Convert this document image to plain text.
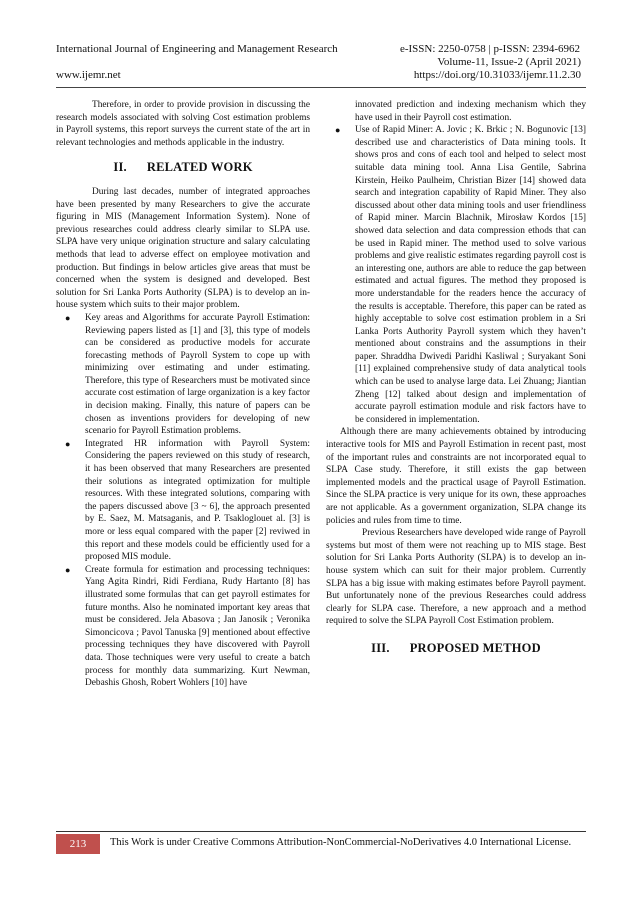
International Journal of Engineering and Management Research	e-ISSN: 2250-0758 | p-ISSN: 2394-6962
Volume-11, Issue-2 (April 2021)
www.ijemr.net	https://doi.org/10.31033/ijemr.11.2.30

Therefore, in order to provide provision in discussing the research models associated with solving Cost estimation problems in Payroll systems, this report surveys the current state of the art in relevant technologies and methods applicable in the industry.

II. RELATED WORK

During last decades, number of integrated approaches have been presented by many Researchers to give the accurate figuring in MIS (Management Information System). None of previous researches could address clearly similar to SLPA use. SLPA have very unique origination structure and salary calculating methods that lead to adverse effect on employee motivation and production. But findings in below articles give areas that must be concerned when the system is designed and developed. Best solution for Sri Lanka Ports Authority (SLPA) is to develop an in-house system which suits to their major problem.

● Key areas and Algorithms for accurate Payroll Estimation: Reviewing papers listed as [1] and [3], this type of models can be considered as productive models for accurate forecasting methods of Payroll System to cope up with minimizing over estimating and under estimating. Therefore, this type of Researchers must be motivated since accurate cost estimation of large organization is a key factor in decision making. Finally, this nature of papers can be chosen as inventions providers for developing of new scenario for Payroll Estimation problems.
● Integrated HR information with Payroll System: Considering the papers reviewed on this study of research, it has been observed that many Researchers are presented their solutions as integrated optimization for multiple resources. With these integrated solutions, comparing with the papers discussed above [3 ~ 6], the approach presented by E. Saez, M. Matsaganis, and P. Tsakloglouet al. [3] is more or less equal compared with the paper [2] reviwed in this report and these models could be efficiently used for a proposed MIS module.
● Create formula for estimation and processing techniques: Yang Agita Rindri, Ridi Ferdiana, Rudy Hartanto [8] has illustrated some formulas that can get payroll estimates for future months. Also he nominated important key areas that must be considered. Jela Abasova ; Jan Janosik ; Veronika Simoncicova ; Pavol Tanuska [9] mentioned about effective processing techniques they have discovered with Payroll data. Those techniques were very useful to create a batch process for monthly data summarizing. Kurt Newman, Debashis Ghosh, Robert Wohlers [10] have
innovated prediction and indexing mechanism which they have used in their Payroll cost estimation.
● Use of Rapid Miner: A. Jovic ; K. Brkic ; N. Bogunovic [13] described use and characteristics of Data mining tools. It shows pros and cons of each tool and helped to select most suitable data mining tool. Anna Lisa Gentile, Sabrina Kirstein, Heiko Paulheim, Christian Bizer [14] showed data search and integration capability of Rapid Miner. They also discussed about other data mining tools and user friendliness of Rapid miner. Marcin Blachnik, Mirosław Kordos [15] showed data selection and data compression ethods that can be used in Rapid miner. The method used to solve various problems and give realistic estimates regarding payroll cost is an interesting one, authors are able to reduce the gap between estimated and actual figures. The method they proposed is more understandable for the readers hence the accuracy of the results is acceptable. Therefore, this paper can be rated as highly acceptable to solve cost estimation problem in a Sri Lanka Ports Authority Payroll system which they haven’t mentioned about constrains and the assumptions in their paper. Shraddha Dwivedi Paridhi Kasliwal ; Suryakant Soni [11] explained comprehensive study of data analytical tools which can be used to analyse large data. Lei Zhuang; Jiantian Zheng [12] talked about design and implementation of accurate payroll estimation module and risk factors have to be considered in implementation.

Although there are many achievements obtained by introducing interactive tools for MIS and Payroll Estimation in recent past, most of the important rules and constraints are not incorporated equal to SLPA Case study. Therefore, it still exists the gap between implemented models and the practical usage of Payroll Estimation. Since the SLPA practice is very unique for its own, these approaches are not applicable. As a government organization, SLPA change its policies and rules from time to time.

Previous Researchers have developed wide range of Payroll systems but most of them were not reaching up to MIS stage. Best solution for Sri Lanka Ports Authority (SLPA) is to develop an in-house system which can suit for their major problem. Currently SLPA has a big issue with making estimates before Payroll payment. But unfortunately none of the previous Researches could address clearly for SLPA case. Therefore, a new approach and a method required to solve the SLPA Payroll Cost Estimation problem.

III. PROPOSED METHOD
213	This Work is under Creative Commons Attribution-NonCommercial-NoDerivatives 4.0 International License.
